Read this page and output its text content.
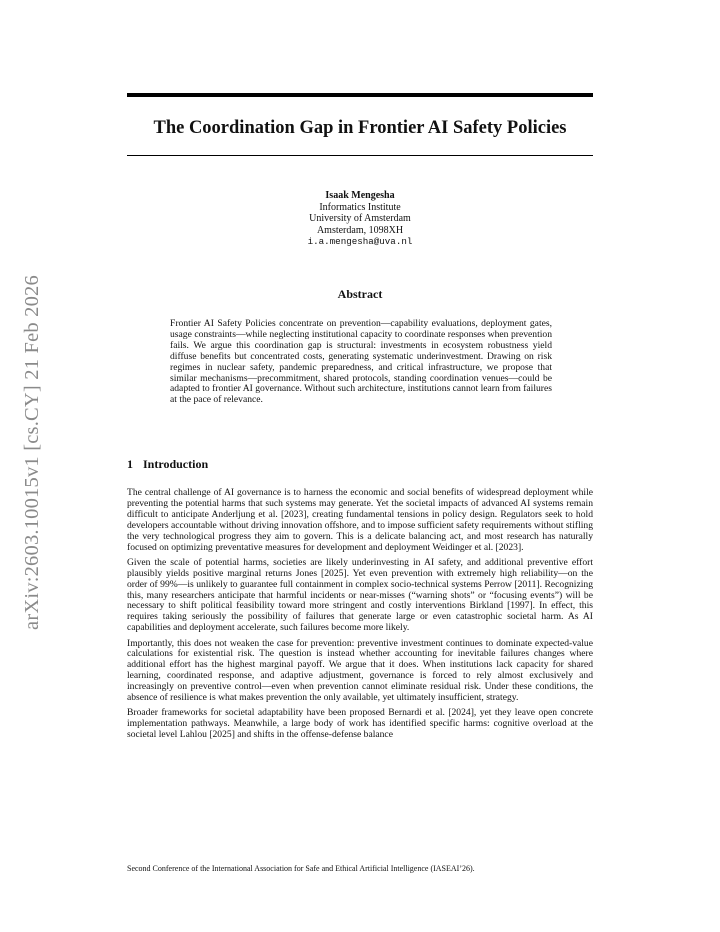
arXiv:2603.10015v1 [cs.CY] 21 Feb 2026
The Coordination Gap in Frontier AI Safety Policies
Isaak Mengesha
Informatics Institute
University of Amsterdam
Amsterdam, 1098XH
i.a.mengesha@uva.nl
Abstract
Frontier AI Safety Policies concentrate on prevention—capability evaluations, deployment gates, usage constraints—while neglecting institutional capacity to coordinate responses when prevention fails. We argue this coordination gap is structural: investments in ecosystem robustness yield diffuse benefits but concentrated costs, generating systematic underinvestment. Drawing on risk regimes in nuclear safety, pandemic preparedness, and critical infrastructure, we propose that similar mechanisms—precommitment, shared protocols, standing coordination venues—could be adapted to frontier AI governance. Without such architecture, institutions cannot learn from failures at the pace of relevance.
1 Introduction

The central challenge of AI governance is to harness the economic and social benefits of widespread deployment while preventing the potential harms that such systems may generate. Yet the societal impacts of advanced AI systems remain difficult to anticipate Anderljung et al. [2023], creating fundamental tensions in policy design. Regulators seek to hold developers accountable without driving innovation offshore, and to impose sufficient safety requirements without stifling the very technological progress they aim to govern. This is a delicate balancing act, and most research has naturally focused on optimizing preventative measures for development and deployment Weidinger et al. [2023].

Given the scale of potential harms, societies are likely underinvesting in AI safety, and additional preventive effort plausibly yields positive marginal returns Jones [2025]. Yet even prevention with extremely high reliability—on the order of 99%—is unlikely to guarantee full containment in complex socio-technical systems Perrow [2011]. Recognizing this, many researchers anticipate that harmful incidents or near-misses (“warning shots” or “focusing events”) will be necessary to shift political feasibility toward more stringent and costly interventions Birkland [1997]. In effect, this requires taking seriously the possibility of failures that generate large or even catastrophic societal harm. As AI capabilities and deployment accelerate, such failures become more likely.

Importantly, this does not weaken the case for prevention: preventive investment continues to dominate expected-value calculations for existential risk. The question is instead whether accounting for inevitable failures changes where additional effort has the highest marginal payoff. We argue that it does. When institutions lack capacity for shared learning, coordinated response, and adaptive adjustment, governance is forced to rely almost exclusively and increasingly on preventive control—even when prevention cannot eliminate residual risk. Under these conditions, the absence of resilience is what makes prevention the only available, yet ultimately insufficient, strategy.

Broader frameworks for societal adaptability have been proposed Bernardi et al. [2024], yet they leave open concrete implementation pathways. Meanwhile, a large body of work has identified specific harms: cognitive overload at the societal level Lahlou [2025] and shifts in the offense-defense balance

Second Conference of the International Association for Safe and Ethical Artificial Intelligence (IASEAI’26).
